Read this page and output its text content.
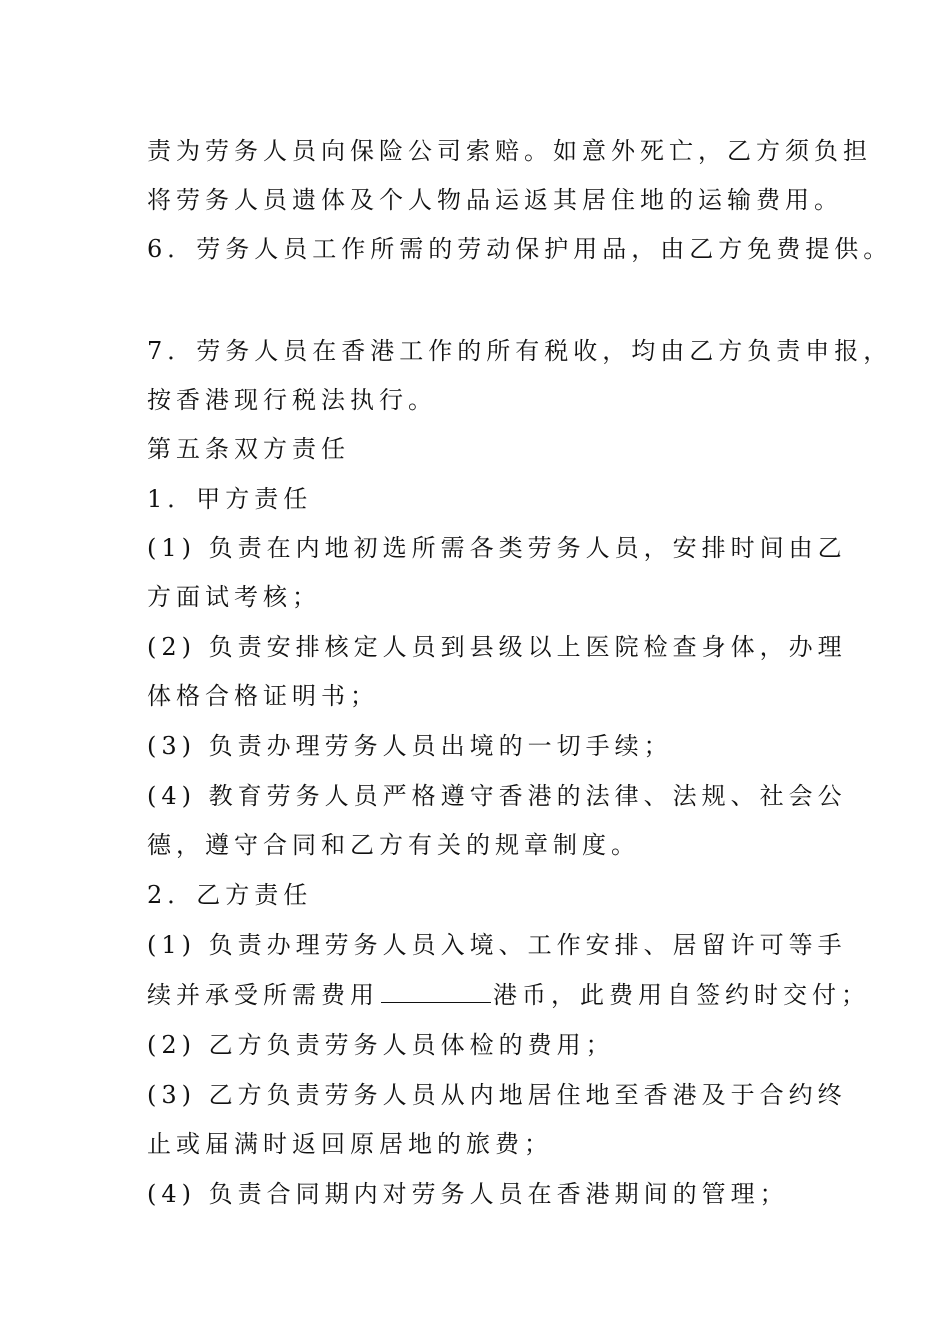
责为劳务人员向保险公司索赔。如意外死亡，乙方须负担
将劳务人员遗体及个人物品运返其居住地的运输费用。
6．劳务人员工作所需的劳动保护用品，由乙方免费提供。
7．劳务人员在香港工作的所有税收，均由乙方负责申报，
按香港现行税法执行。
第五条双方责任
1．甲方责任
(1) 负责在内地初选所需各类劳务人员，安排时间由乙
方面试考核；
(2) 负责安排核定人员到县级以上医院检查身体，办理
体格合格证明书；
(3) 负责办理劳务人员出境的一切手续；
(4) 教育劳务人员严格遵守香港的法律、法规、社会公
德，遵守合同和乙方有关的规章制度。
2．乙方责任
(1) 负责办理劳务人员入境、工作安排、居留许可等手
续并承受所需费用	港币，此费用自签约时交付；
(2) 乙方负责劳务人员体检的费用；
(3) 乙方负责劳务人员从内地居住地至香港及于合约终
止或届满时返回原居地的旅费；
(4) 负责合同期内对劳务人员在香港期间的管理；
